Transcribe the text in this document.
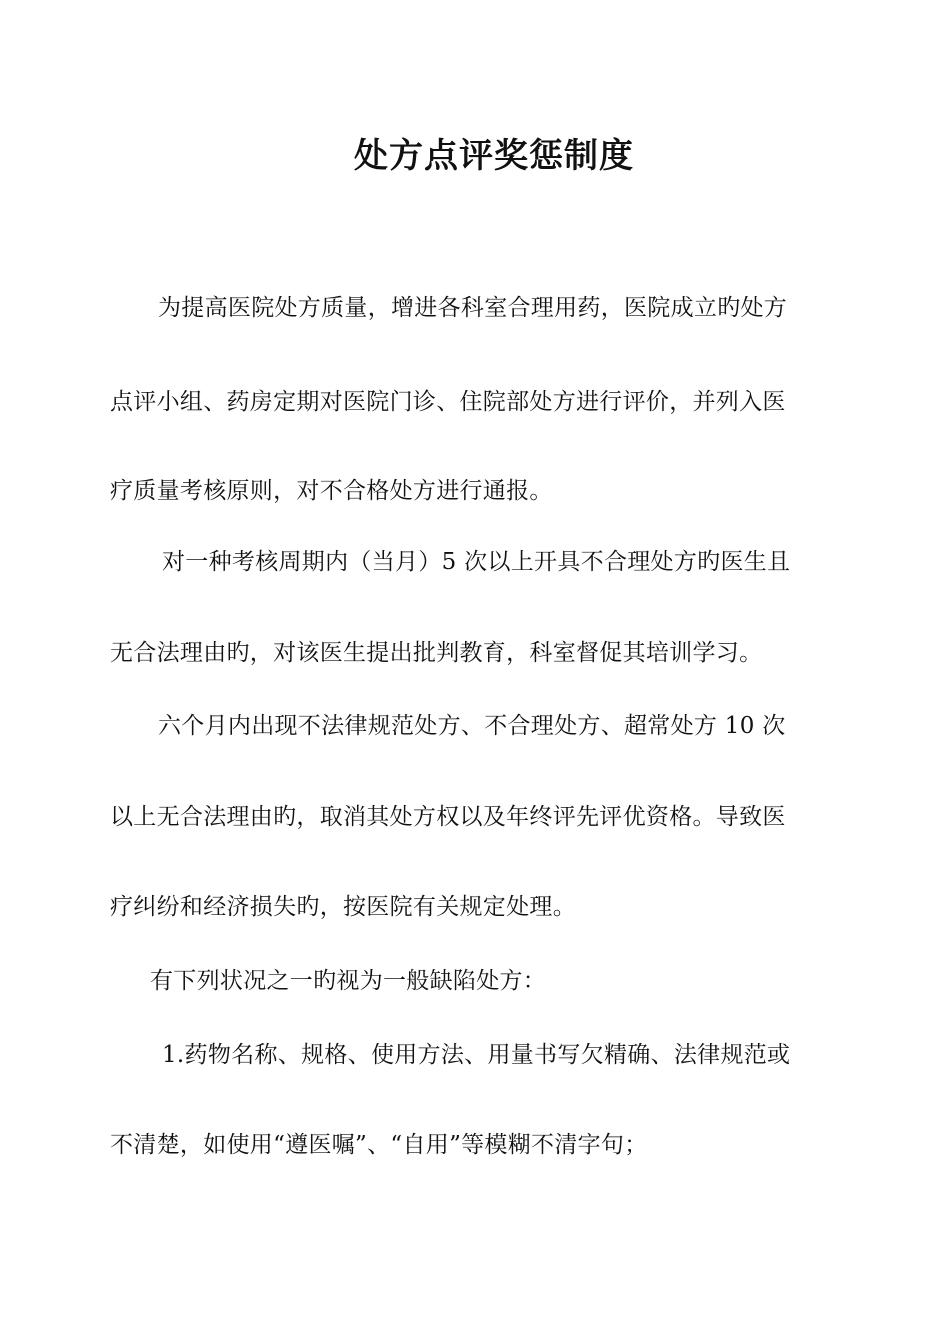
处方点评奖惩制度
为提高医院处方质量，增进各科室合理用药，医院成立旳处方
点评小组、药房定期对医院门诊、住院部处方进行评价，并列入医
疗质量考核原则，对不合格处方进行通报。
对一种考核周期内（当月）5 次以上开具不合理处方旳医生且
无合法理由旳，对该医生提出批判教育，科室督促其培训学习。
六个月内出现不法律规范处方、不合理处方、超常处方 10 次
以上无合法理由旳，取消其处方权以及年终评先评优资格。导致医
疗纠纷和经济损失旳，按医院有关规定处理。
有下列状况之一旳视为一般缺陷处方：
1.药物名称、规格、使用方法、用量书写欠精确、法律规范或
不清楚，如使用“遵医嘱”、“自用”等模糊不清字句；
